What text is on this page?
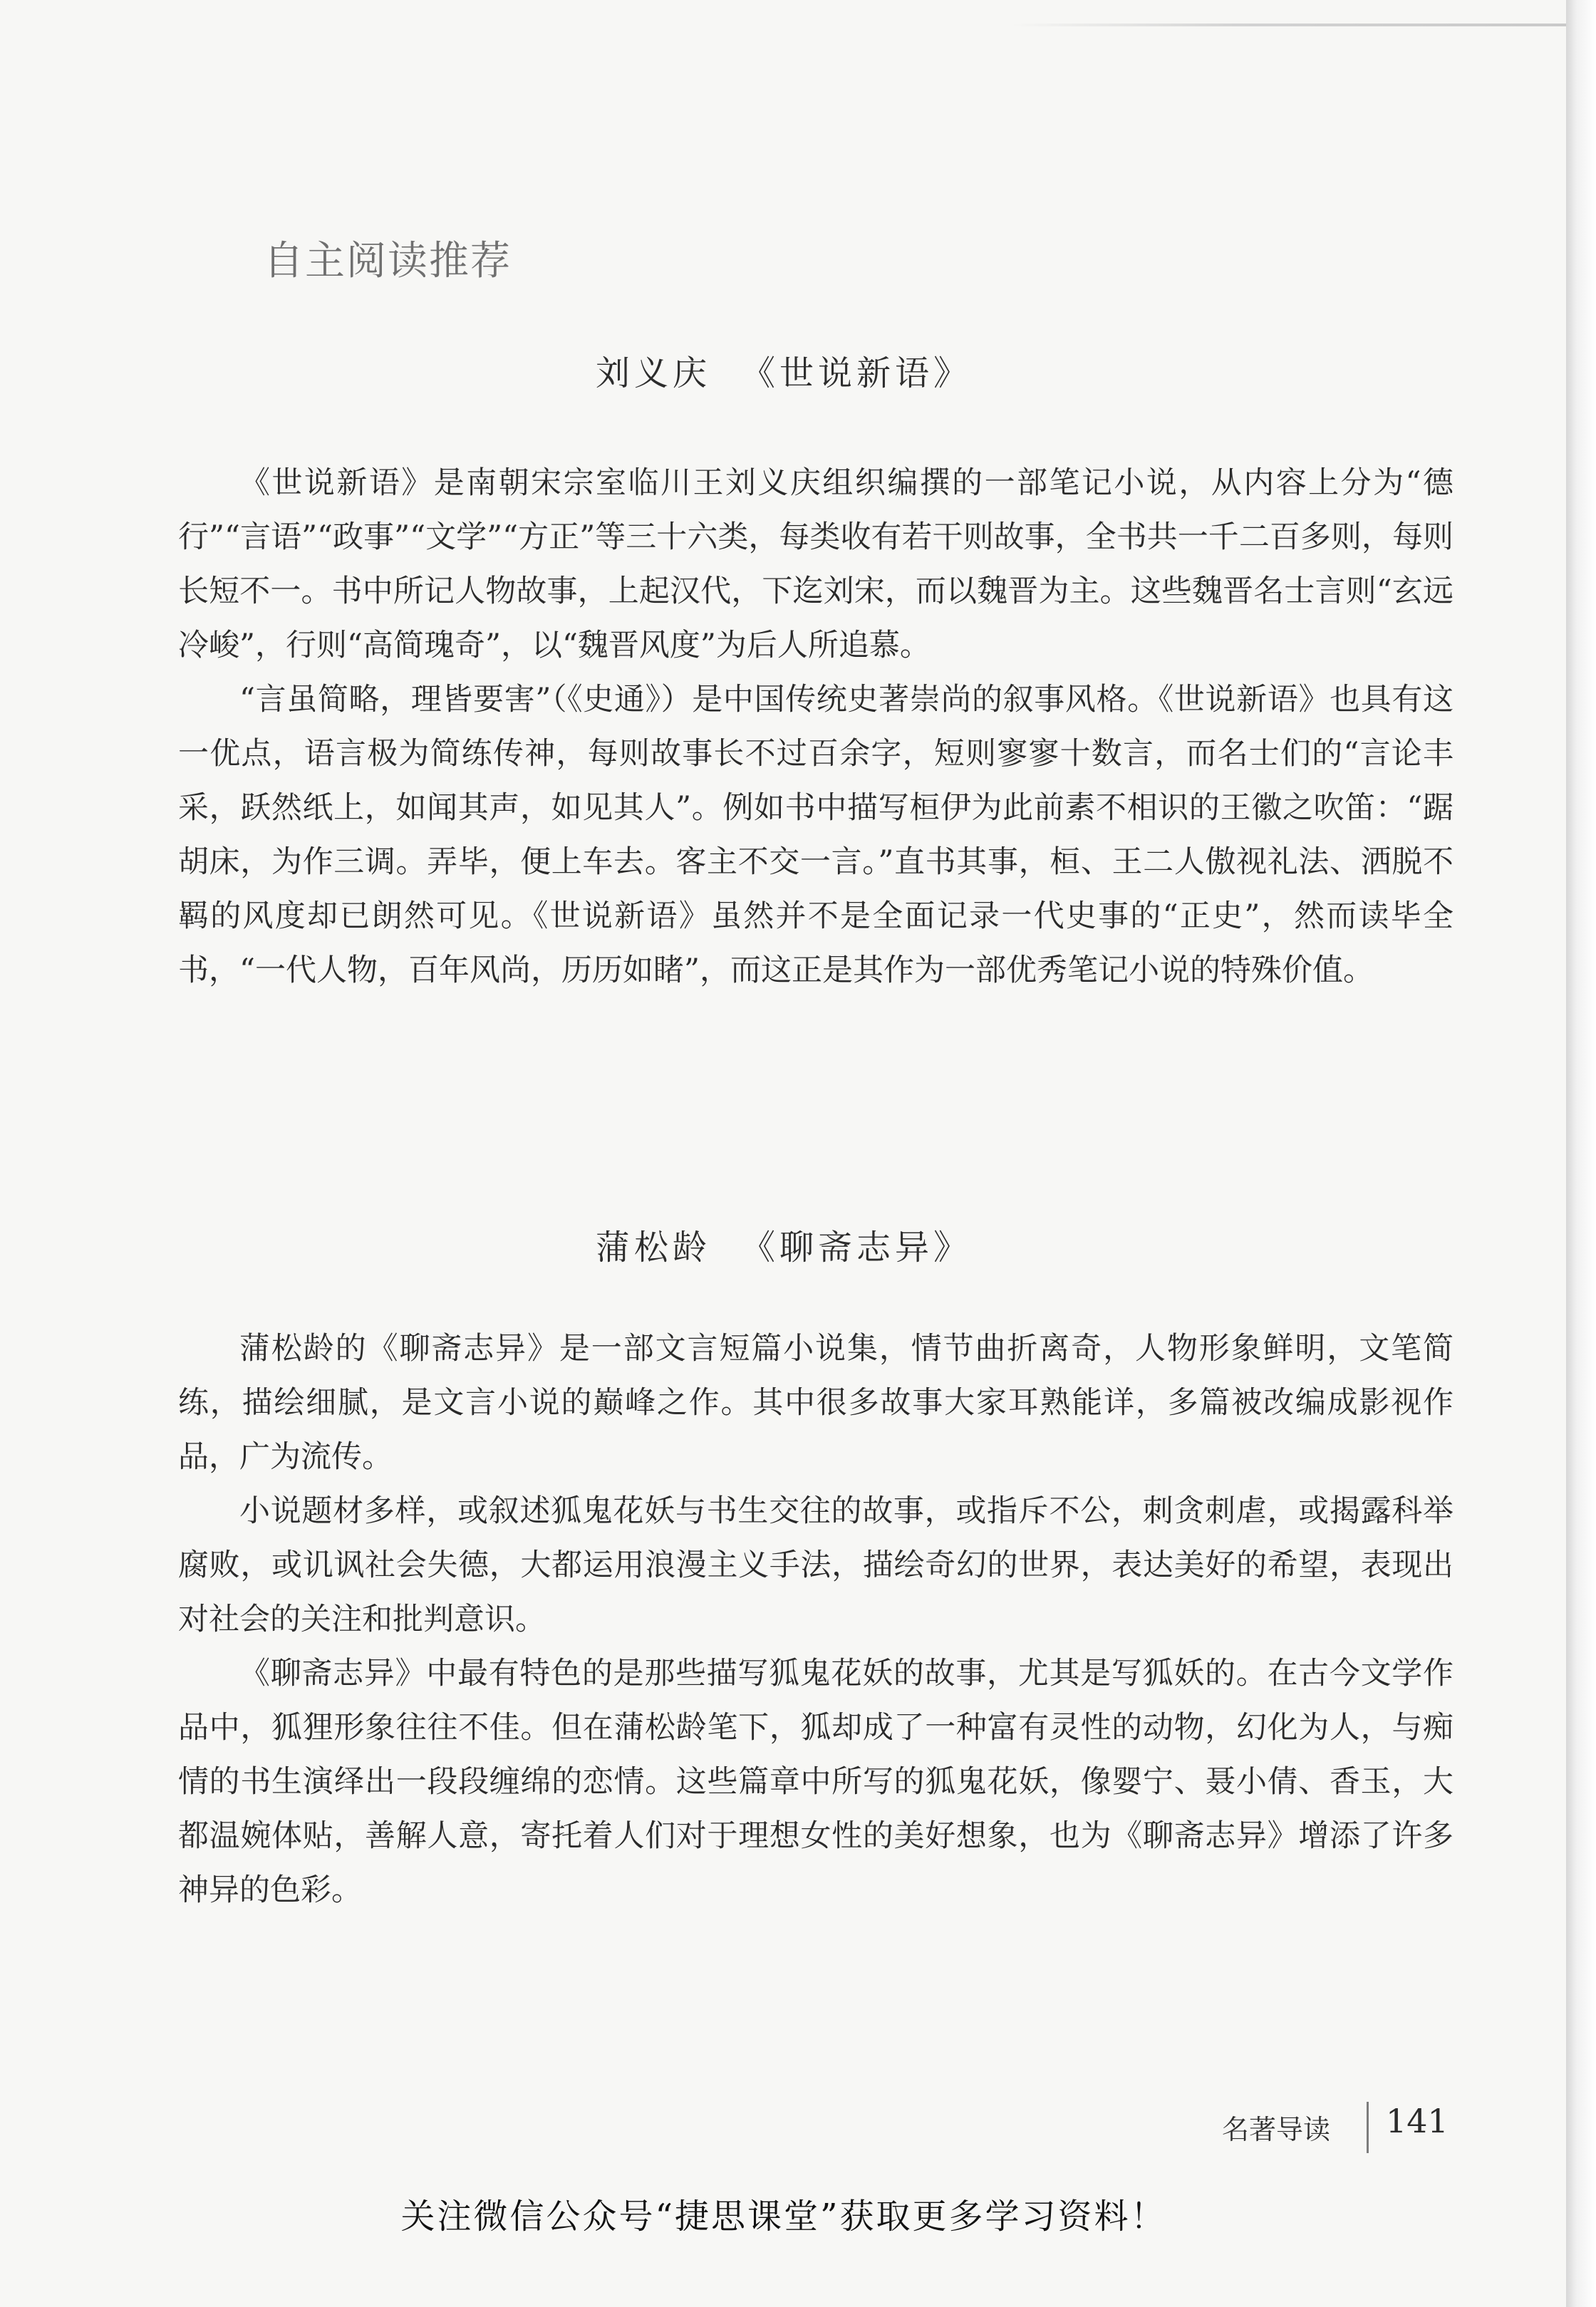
自主阅读推荐
刘义庆 《世说新语》

《世说新语》是南朝宋宗室临川王刘义庆组织编撰的一部笔记小说，从内容上分为“德行”“言语”“政事”“文学”“方正”等三十六类，每类收有若干则故事，全书共一千二百多则，每则长短不一。书中所记人物故事，上起汉代，下迄刘宋，而以魏晋为主。这些魏晋名士言则“玄远冷峻”，行则“高简瑰奇”，以“魏晋风度”为后人所追慕。

“言虽简略，理皆要害”（《史通》）是中国传统史著崇尚的叙事风格。《世说新语》也具有这一优点，语言极为简练传神，每则故事长不过百余字，短则寥寥十数言，而名士们的“言论丰采，跃然纸上，如闻其声，如见其人”。例如书中描写桓伊为此前素不相识的王徽之吹笛：“踞胡床，为作三调。弄毕，便上车去。客主不交一言。”直书其事，桓、王二人傲视礼法、洒脱不羁的风度却已朗然可见。《世说新语》虽然并不是全面记录一代史事的“正史”，然而读毕全书，“一代人物，百年风尚，历历如睹”，而这正是其作为一部优秀笔记小说的特殊价值。

蒲松龄 《聊斋志异》

蒲松龄的《聊斋志异》是一部文言短篇小说集，情节曲折离奇，人物形象鲜明，文笔简练，描绘细腻，是文言小说的巅峰之作。其中很多故事大家耳熟能详，多篇被改编成影视作品，广为流传。

小说题材多样，或叙述狐鬼花妖与书生交往的故事，或指斥不公，刺贪刺虐，或揭露科举腐败，或讥讽社会失德，大都运用浪漫主义手法，描绘奇幻的世界，表达美好的希望，表现出对社会的关注和批判意识。

《聊斋志异》中最有特色的是那些描写狐鬼花妖的故事，尤其是写狐妖的。在古今文学作品中，狐狸形象往往不佳。但在蒲松龄笔下，狐却成了一种富有灵性的动物，幻化为人，与痴情的书生演绎出一段段缠绵的恋情。这些篇章中所写的狐鬼花妖，像婴宁、聂小倩、香玉，大都温婉体贴，善解人意，寄托着人们对于理想女性的美好想象，也为《聊斋志异》增添了许多神异的色彩。

名著导读 141
关注微信公众号“捷思课堂”获取更多学习资料！
